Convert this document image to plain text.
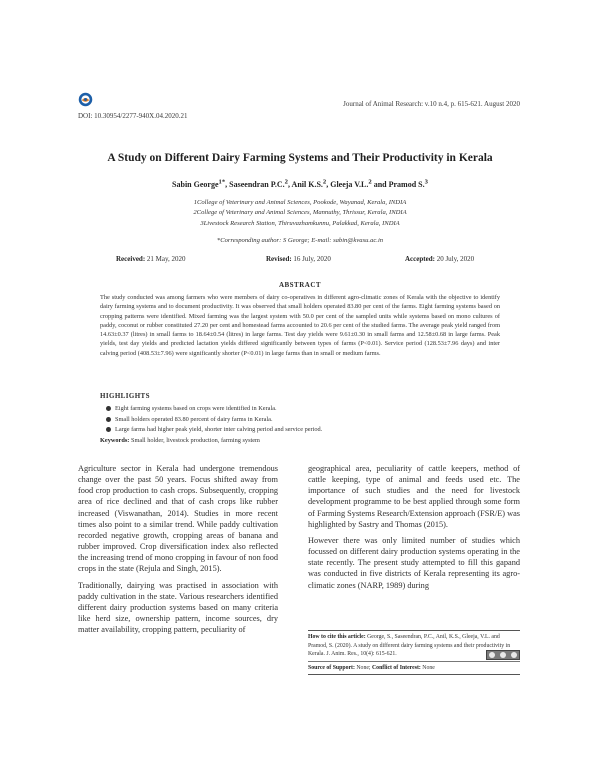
Journal of Animal Research: v.10 n.4, p. 615-621. August 2020
DOI: 10.30954/2277-940X.04.2020.21
A Study on Different Dairy Farming Systems and Their Productivity in Kerala
Sabin George$^{1*}$, Saseendran P.C.$^2$, Anil K.S.$^2$, Gleeja V.L.$^2$ and Pramod S.$^3$
1College of Veterinary and Animal Sciences, Pookode, Wayanad, Kerala, INDIA
2College of Veterinary and Animal Sciences, Mannuthy, Thrissur, Kerala, INDIA
3Livestock Research Station, Thiruvazhamkunnu, Palakkad, Kerala, INDIA
*Corresponding author: S George; E-mail: sabin@kvasu.ac.in
Received: 21 May, 2020	Revised: 16 July, 2020	Accepted: 20 July, 2020
ABSTRACT
The study conducted was among farmers who were members of dairy co-operatives in different agro-climatic zones of Kerala with the objective to identify dairy farming systems and to document productivity. It was observed that small holders operated 83.80 per cent of the farms. Eight farming systems based on cropping patterns were identified. Mixed farming was the largest system with 50.0 per cent of the sampled units while systems based on mono cultures of paddy, coconut or rubber constituted 27.20 per cent and homestead farms accounted to 20.6 per cent of the studied farms. The average peak yield ranged from 14.63±0.37 (litres) in small farms to 18.64±0.54 (litres) in large farms. Test day yields were 9.61±0.30 in small farms and 12.58±0.68 in large farms. Peak yields, test day yields and predicted lactation yields differed significantly between types of farms (P<0.01). Service period (128.53±7.96 days) and inter calving period (408.53±7.96) were significantly shorter (P<0.01) in large farms than in small or medium farms.
HIGHLIGHTS
Eight farming systems based on crops were identified in Kerala.
Small holders operated 83.80 percent of dairy farms in Kerala.
Large farms had higher peak yield, shorter inter calving period and service period.
Keywords: Small holder, livestock production, farming system

Agriculture sector in Kerala had undergone tremendous change over the past 50 years. Focus shifted away from food crop production to cash crops. Subsequently, cropping area of rice declined and that of cash crops like rubber increased (Viswanathan, 2014). Studies in more recent times also point to a similar trend. While paddy cultivation recorded negative growth, cropping areas of banana and rubber improved. Crop diversification index also reflected the increasing trend of mono cropping in favour of non food crops in the state (Rejula and Singh, 2015).

Traditionally, dairying was practised in association with paddy cultivation in the state. Various researchers identified different dairy production systems based on many criteria like herd size, ownership pattern, income sources, dry matter availability, cropping pattern, peculiarity of

geographical area, peculiarity of cattle keepers, method of cattle keeping, type of animal and feeds used etc. The importance of such studies and the need for livestock development programme to be best applied through some form of Farming Systems Research/Extension approach (FSR/E) was highlighted by Sastry and Thomas (2015).

However there was only limited number of studies which focussed on different dairy production systems operating in the state recently. The present study attempted to fill this gapand was conducted in five districts of Kerala representing its agro-climatic zones (NARP, 1989) during

How to cite this article: George, S., Saseendran, P.C., Anil, K.S., Gleeja, V.L. and Pramod, S. (2020). A study on different dairy farming systems and their productivity in Kerala. J. Anim. Res., 10(4): 615-621.
Source of Support: None; Conflict of Interest: None
